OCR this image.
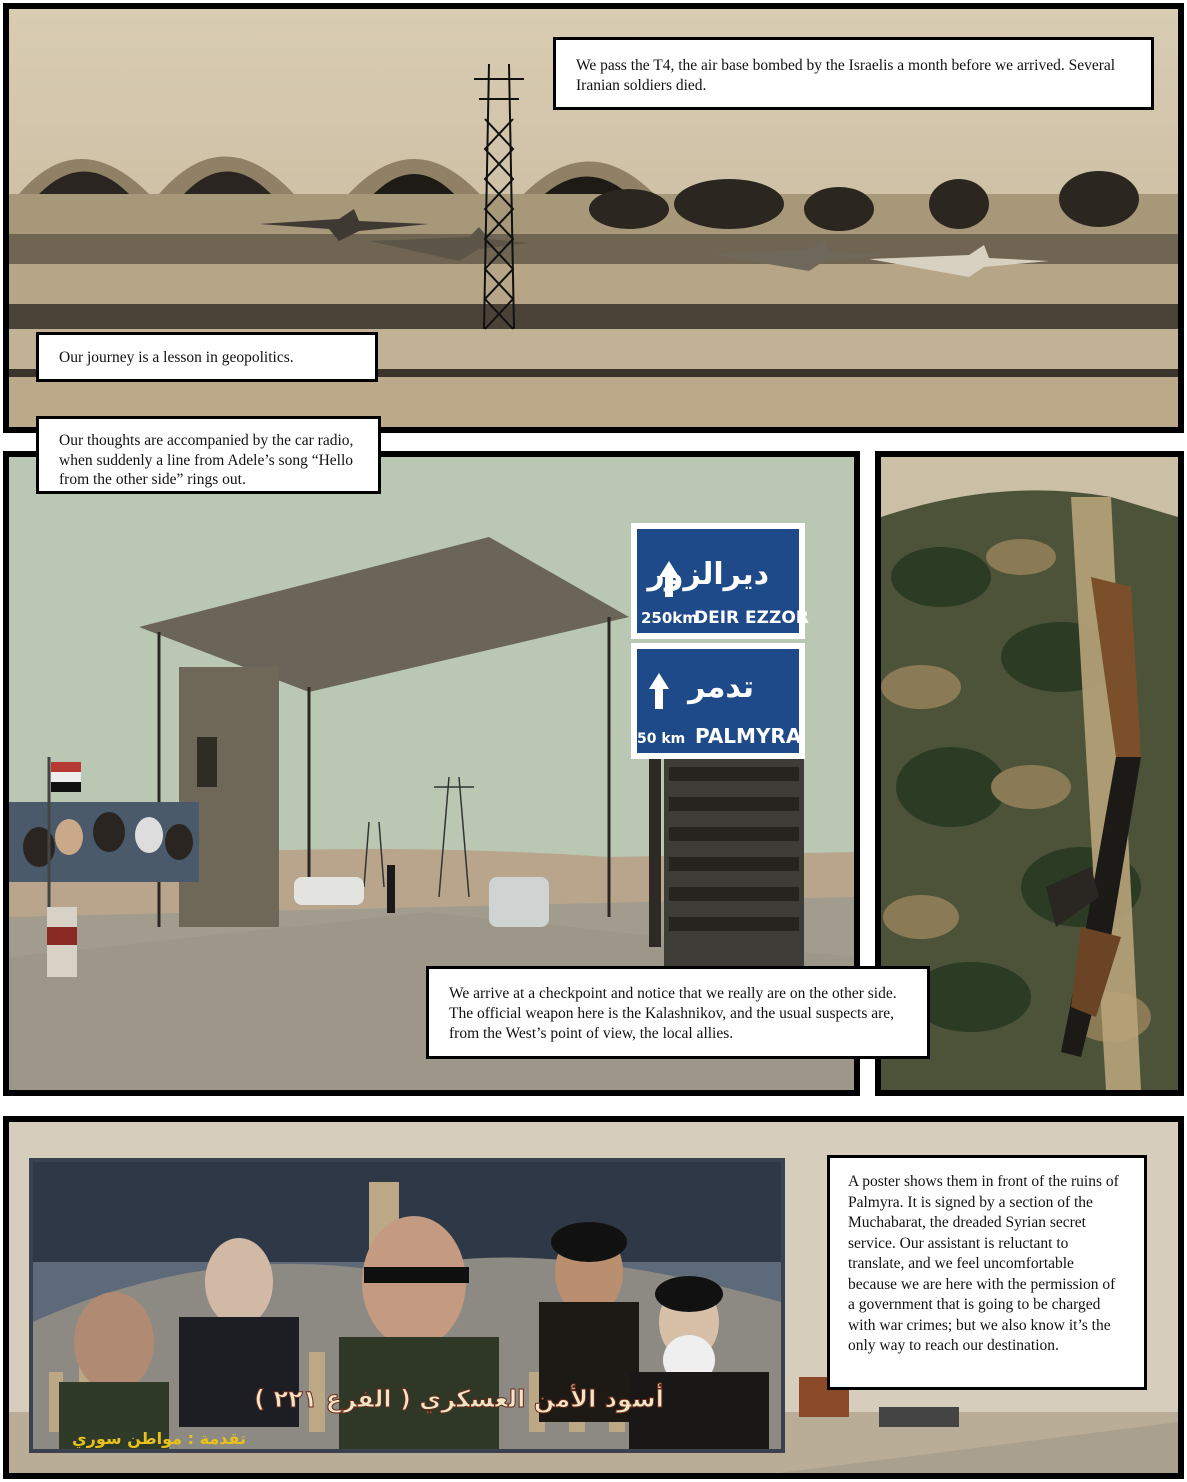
We pass the T4, the air base bombed by the Israelis a month before we arrived. Several Iranian soldiers died.
Our journey is a lesson in geopolitics.
ديرالزور
250km
DEIR EZZOR
تدمر
50 km PALMYRA
Our thoughts are accompanied by the car radio, when suddenly a line from Adele’s song “Hello from the other side” rings out.
We arrive at a checkpoint and notice that we really are on the other side. The official weapon here is the Kalashnikov, and the usual suspects are, from the West’s point of view, the local allies.
أسود الأمن العسكري ( الفرع ٢٢١ )
تقدمة : مواطن سوري
A poster shows them in front of the ruins of Palmyra. It is signed by a section of the Muchabarat, the dreaded Syrian secret service. Our assistant is reluctant to translate, and we feel uncomfortable because we are here with the permission of a government that is going to be charged with war crimes; but we also know it’s the only way to reach our destination.
